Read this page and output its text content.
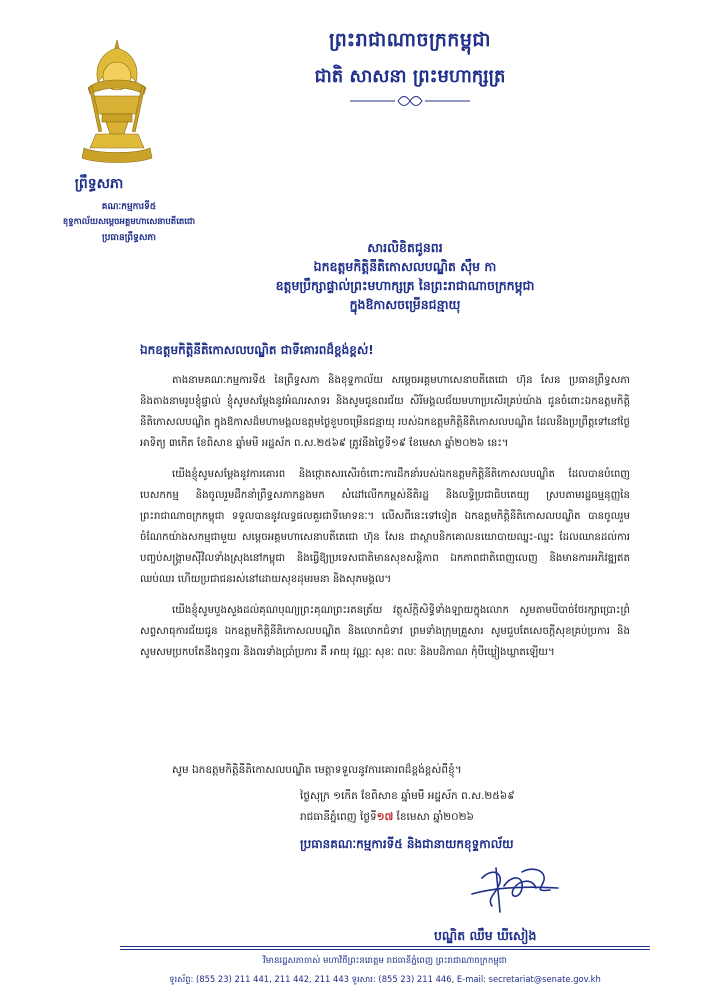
ព្រឹទ្ធសភា
គណៈកម្មការទី៥
ខុទ្ទកាល័យសម្តេចអគ្គមហាសេនាបតីតេជោ
ប្រធានព្រឹទ្ធសភា
ព្រះរាជាណាចក្រកម្ពុជា
ជាតិ សាសនា ព្រះមហាក្សត្រ
សារលិខិតជូនពរ
ឯកឧត្តមកិត្តិនីតិកោសលបណ្ឌិត ស៊ឹម កា
ឧត្តមប្រឹក្សាផ្ទាល់ព្រះមហាក្សត្រ នៃព្រះរាជាណាចក្រកម្ពុជា
ក្នុងឱកាសចម្រើនជន្មាយុ
ឯកឧត្តមកិត្តិនីតិកោសលបណ្ឌិត ជាទីគោរពដ៏ខ្ពង់ខ្ពស់!

តាងនាមគណៈកម្មការទី៥ នៃព្រឹទ្ធសភា និងខុទ្ទកាល័យ សម្តេចអគ្គមហាសេនាបតីតេជោ ហ៊ុន សែន ប្រធានព្រឹទ្ធសភា និងតាងនាមរូបខ្ញុំផ្ទាល់ ខ្ញុំសូមសម្តែងនូវអំណរសាទរ និងសូមជូនពរជ័យ សិរីមង្គលជ័យមហាប្រសើរគ្រប់យ៉ាង ជូនចំពោះឯកឧត្តមកិត្តិនីតិកោសលបណ្ឌិត ក្នុងឱកាសដ៏មហាមង្គលឧត្តមថ្ងៃខួបចម្រើនជន្មាយុ របស់ឯកឧត្តមកិត្តិនីតិកោសលបណ្ឌិត ដែលនឹងប្រព្រឹត្តទៅនៅថ្ងៃអាទិត្យ ៣កើត ខែពិសាខ ឆ្នាំមមី អដ្ឋស័ក ព.ស.២៥៦៩ ត្រូវនឹងថ្ងៃទី១៩ ខែមេសា ឆ្នាំ២០២៦ នេះ។

យើងខ្ញុំសូមសម្តែងនូវការគោរព និងថ្កោតសរសើរចំពោះការដឹកនាំរបស់ឯកឧត្តមកិត្តិនីតិកោសលបណ្ឌិត ដែលបានបំពេញបេសកកម្ម និងចូលរួមដឹកនាំព្រឹទ្ធសភាកន្លងមក សំដៅលើកកម្ពស់នីតិរដ្ឋ និងលទ្ធិប្រជាធិបតេយ្យ ស្របតាមរដ្ឋធម្មនុញ្ញនៃព្រះរាជាណាចក្រកម្ពុជា ទទួលបាននូវលទ្ធផលគួរជាទីមោទនៈ។ លើសពីនេះទៅទៀត ឯកឧត្តមកិត្តិនីតិកោសលបណ្ឌិត បានចូលរួមចំណែកយ៉ាងសកម្មជាមួយ សម្តេចអគ្គមហាសេនាបតីតេជោ ហ៊ុន សែន ជាស្ថាបនិកគោលនយោបាយឈ្នះ-ឈ្នះ ដែលឈានដល់ការបញ្ចប់សង្គ្រាមស៊ីវិលទាំងស្រុងនៅកម្ពុជា និងធ្វើឱ្យប្រទេសជាតិមានសុខសន្តិភាព ឯកភាពជាតិពេញលេញ និងមានការអភិវឌ្ឍឥតឈប់ឈរ ហើយប្រជាជនរស់នៅដោយសុខដុមរមនា និងសុភមង្គល។

យើងខ្ញុំសូមបួងសួងដល់គុណបុណ្យព្រះគុណព្រះរតនត្រ័យ វត្ថុស័ក្តិសិទ្ធិទាំងឡាយក្នុងលោក សូមតាមបីបាច់ថែរក្សាប្រោះព្រំសព្ទសាធុការជ័យជូន ឯកឧត្តមកិត្តិនីតិកោសលបណ្ឌិត និងលោកជំទាវ ព្រមទាំងក្រុមគ្រួសារ សូមជួបតែសេចក្តីសុខគ្រប់ប្រការ និងសូមសមប្រកបតែនឹងពុទ្ធពរ និងពរទាំងប្រាំប្រការ គឺ អាយុ វណ្ណៈ សុខៈ ពលៈ និងបដិភាណ កុំបីឃ្លៀងឃ្លាតឡើយ។

សូម ឯកឧត្តមកិត្តិនីតិកោសលបណ្ឌិត មេត្តាទទួលនូវការគោរពដ៏ខ្ពង់ខ្ពស់ពីខ្ញុំ។
ថ្ងៃសុក្រ ១កើត ខែពិសាខ ឆ្នាំមមី អដ្ឋស័ក ព.ស.២៥៦៩
រាជធានីភ្នំពេញ ថ្ងៃទី១៧ ខែមេសា ឆ្នាំ២០២៦
ប្រធានគណៈកម្មការទី៥ និងជានាយកខុទ្ទកាល័យ
បណ្ឌិត ឈឹម ឃីសៀង
វិមានរដ្ឋសភាចាស់ មហាវិថីព្រះនរោត្តម រាជធានីភ្នំពេញ ព្រះរាជាណាចក្រកម្ពុជា
ទូរស័ព្ទ: (855 23) 211 441, 211 442, 211 443 ទូរសារ: (855 23) 211 446, E-mail: secretariat@senate.gov.kh
